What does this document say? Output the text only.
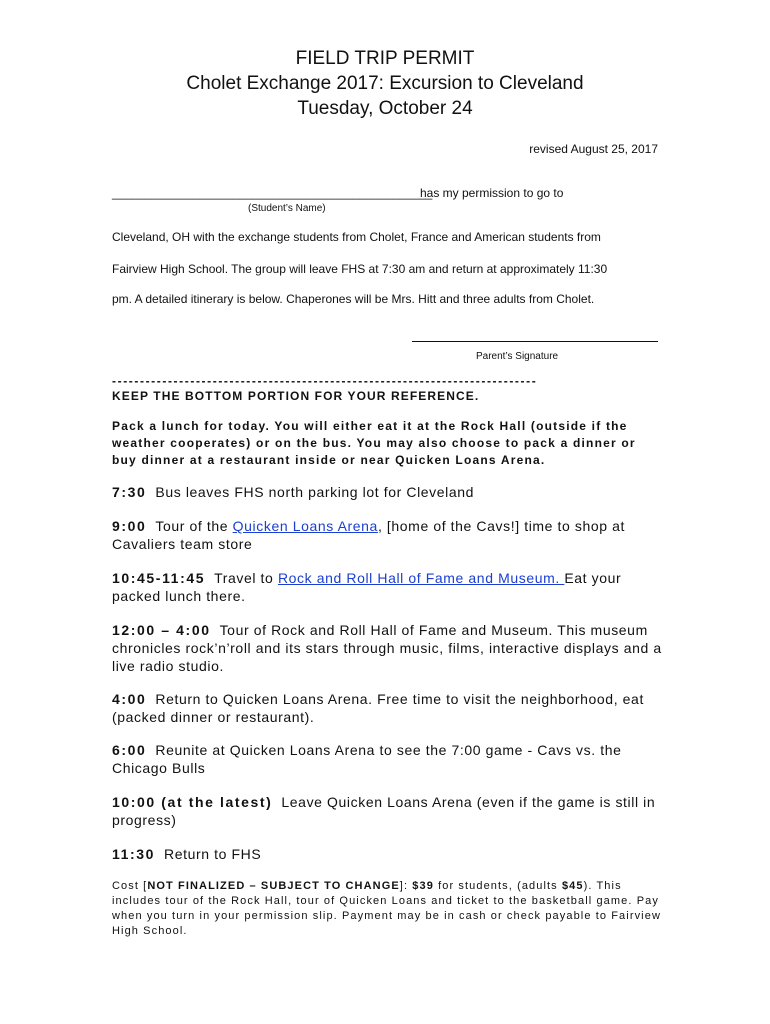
FIELD TRIP PERMIT
Cholet Exchange 2017: Excursion to Cleveland
Tuesday, October 24
revised August 25, 2017
________________________________________________
has my permission to go to
(Student’s Name)
Cleveland, OH with the exchange students from Cholet, France and American students from
Fairview High School. The group will leave FHS at 7:30 am and return at approximately 11:30
pm. A detailed itinerary is below. Chaperones will be Mrs. Hitt and three adults from Cholet.
Parent’s Signature
----------------------------------------------------------------------------
KEEP THE BOTTOM PORTION FOR YOUR REFERENCE.
Pack a lunch for today. You will either eat it at the Rock Hall (outside if the weather cooperates) or on the bus. You may also choose to pack a dinner or buy dinner at a restaurant inside or near Quicken Loans Arena.
7:30 Bus leaves FHS north parking lot for Cleveland
9:00 Tour of the Quicken Loans Arena, [home of the Cavs!] time to shop at Cavaliers team store
10:45-11:45 Travel to Rock and Roll Hall of Fame and Museum. Eat your packed lunch there.
12:00 – 4:00 Tour of Rock and Roll Hall of Fame and Museum. This museum chronicles rock’n’roll and its stars through music, films, interactive displays and a live radio studio.
4:00 Return to Quicken Loans Arena. Free time to visit the neighborhood, eat (packed dinner or restaurant).
6:00 Reunite at Quicken Loans Arena to see the 7:00 game - Cavs vs. the Chicago Bulls
10:00 (at the latest) Leave Quicken Loans Arena (even if the game is still in progress)
11:30 Return to FHS
Cost [NOT FINALIZED – SUBJECT TO CHANGE]: $39 for students, (adults $45). This includes tour of the Rock Hall, tour of Quicken Loans and ticket to the basketball game. Pay when you turn in your permission slip. Payment may be in cash or check payable to Fairview High School.
